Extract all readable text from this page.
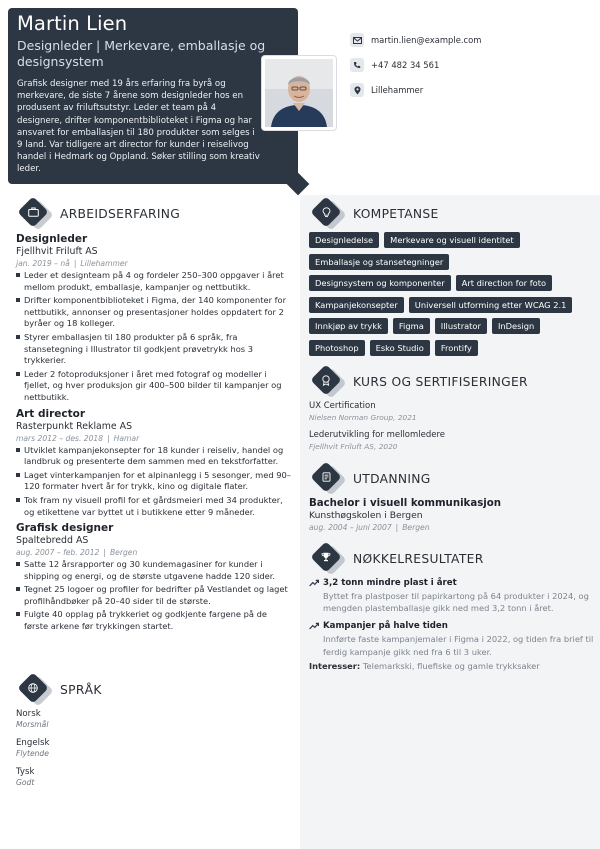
Martin Lien
Designleder | Merkevare, emballasje og designsystem
Grafisk designer med 19 års erfaring fra byrå og merkevare, de siste 7 årene som designleder hos en produsent av friluftsutstyr. Leder et team på 4 designere, drifter komponentbiblioteket i Figma og har ansvaret for emballasjen til 180 produkter som selges i 9 land. Var tidligere art director for kunder i reiselivog handel i Hedmark og Oppland. Søker stilling som kreativ leder.
martin.lien@example.com
+47 482 34 561
Lillehammer
ARBEIDSERFARING
Designleder
Fjellhvit Friluft AS
jan. 2019 – nå | Lillehammer
Leder et designteam på 4 og fordeler 250–300 oppgaver i året mellom produkt, emballasje, kampanjer og nettbutikk.
Drifter komponentbiblioteket i Figma, der 140 komponenter for nettbutikk, annonser og presentasjoner holdes oppdatert for 2 byråer og 18 kolleger.
Styrer emballasjen til 180 produkter på 6 språk, fra stansetegning i Illustrator til godkjent prøvetrykk hos 3 trykkerier.
Leder 2 fotoproduksjoner i året med fotograf og modeller i fjellet, og hver produksjon gir 400–500 bilder til kampanjer og nettbutikk.
Art director
Rasterpunkt Reklame AS
mars 2012 – des. 2018 | Hamar
Utviklet kampanjekonsepter for 18 kunder i reiseliv, handel og landbruk og presenterte dem sammen med en tekstforfatter.
Laget vinterkampanjen for et alpinanlegg i 5 sesonger, med 90–120 formater hvert år for trykk, kino og digitale flater.
Tok fram ny visuell profil for et gårdsmeieri med 34 produkter, og etikettene var byttet ut i butikkene etter 9 måneder.
Grafisk designer
Spaltebredd AS
aug. 2007 – feb. 2012 | Bergen
Satte 12 årsrapporter og 30 kundemagasiner for kunder i shipping og energi, og de største utgavene hadde 120 sider.
Tegnet 25 logoer og profiler for bedrifter på Vestlandet og laget profilhåndbøker på 20–40 sider til de største.
Fulgte 40 opplag på trykkeriet og godkjente fargene på de første arkene før trykkingen startet.
SPRÅK
Norsk
Morsmål
Engelsk
Flytende
Tysk
Godt
KOMPETANSE
Designledelse	Merkevare og visuell identitet
Emballasje og stansetegninger
Designsystem og komponenter	Art direction for foto
Kampanjekonsepter	Universell utforming etter WCAG 2.1
Innkjøp av trykk	Figma	Illustrator	InDesign
Photoshop	Esko Studio	Frontify
KURS OG SERTIFISERINGER
UX Certification
Nielsen Norman Group, 2021
Lederutvikling for mellomledere
Fjellhvit Friluft AS, 2020
UTDANNING
Bachelor i visuell kommunikasjon
Kunsthøgskolen i Bergen
aug. 2004 – juni 2007 | Bergen
NØKKELRESULTATER
3,2 tonn mindre plast i året
Byttet fra plastposer til papirkartong på 64 produkter i 2024, og mengden plastemballasje gikk ned med 3,2 tonn i året.
Kampanjer på halve tiden
Innførte faste kampanjemaler i Figma i 2022, og tiden fra brief til ferdig kampanje gikk ned fra 6 til 3 uker.
Interesser: Telemarkski, fluefiske og gamle trykksaker
